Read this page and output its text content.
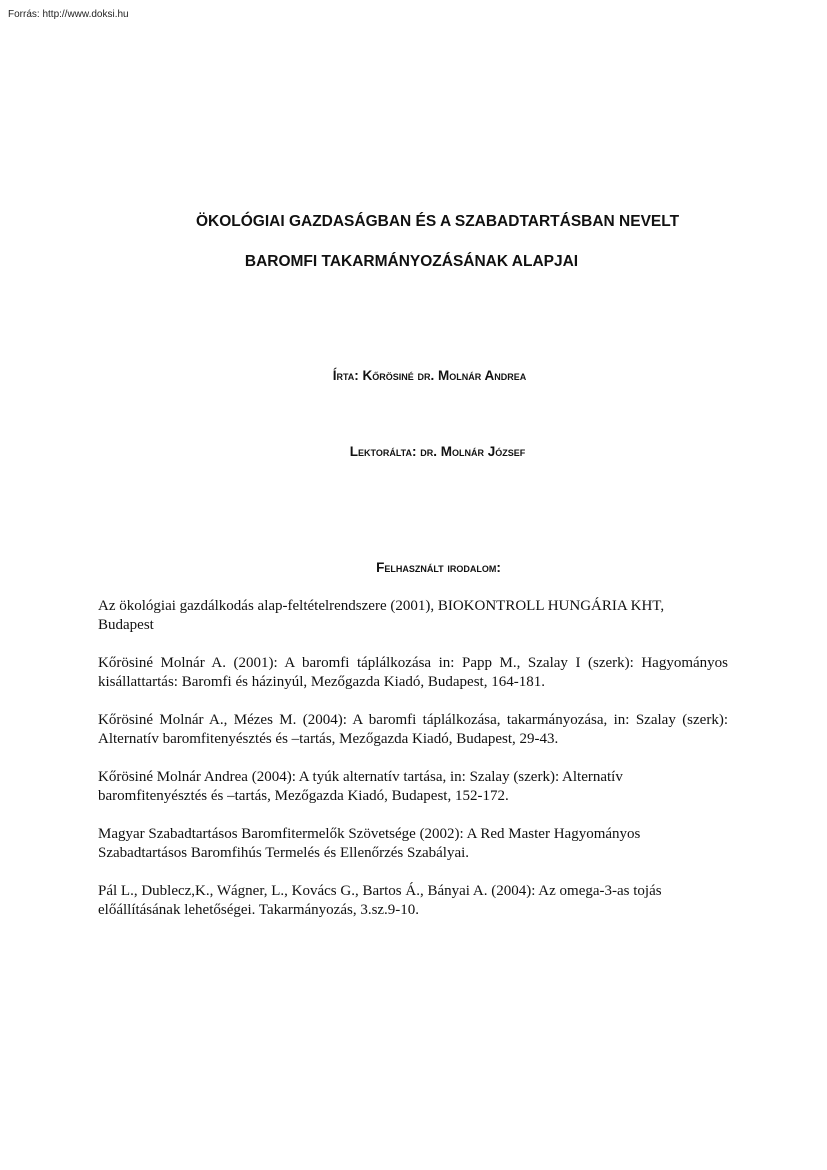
Forrás: http://www.doksi.hu
ÖKOLÓGIAI GAZDASÁGBAN ÉS A SZABADTARTÁSBAN NEVELT
BAROMFI TAKARMÁNYOZÁSÁNAK ALAPJAI
Írta: Kőrösiné dr. Molnár Andrea
Lektorálta: dr. Molnár József
Felhasznált irodalom:

Az ökológiai gazdálkodás alap-feltételrendszere (2001), BIOKONTROLL HUNGÁRIA KHT, Budapest

Kőrösiné Molnár A. (2001): A baromfi táplálkozása in: Papp M., Szalay I (szerk): Hagyományos kisállattartás: Baromfi és házinyúl, Mezőgazda Kiadó, Budapest, 164-181.

Kőrösiné Molnár A., Mézes M. (2004): A baromfi táplálkozása, takarmányozása, in: Szalay (szerk): Alternatív baromfitenyésztés és –tartás, Mezőgazda Kiadó, Budapest, 29-43.

Kőrösiné Molnár Andrea (2004): A tyúk alternatív tartása, in: Szalay (szerk): Alternatív baromfitenyésztés és –tartás, Mezőgazda Kiadó, Budapest, 152-172.

Magyar Szabadtartásos Baromfitermelők Szövetsége (2002): A Red Master Hagyományos Szabadtartásos Baromfihús Termelés és Ellenőrzés Szabályai.

Pál L., Dublecz,K., Wágner, L., Kovács G., Bartos Á., Bányai A. (2004): Az omega-3-as tojás előállításának lehetőségei. Takarmányozás, 3.sz.9-10.
